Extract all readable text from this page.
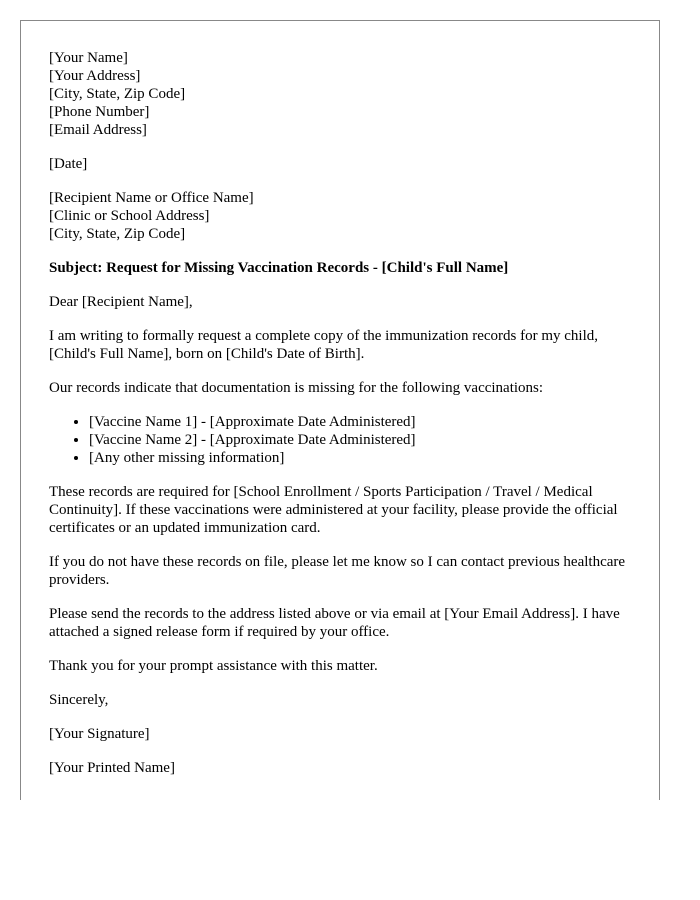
[Your Name]
[Your Address]
[City, State, Zip Code]
[Phone Number]
[Email Address]
[Date]
[Recipient Name or Office Name]
[Clinic or School Address]
[City, State, Zip Code]
Subject: Request for Missing Vaccination Records - [Child's Full Name]
Dear [Recipient Name],
I am writing to formally request a complete copy of the immunization records for my child, [Child's Full Name], born on [Child's Date of Birth].
Our records indicate that documentation is missing for the following vaccinations:
• [Vaccine Name 1] - [Approximate Date Administered]
• [Vaccine Name 2] - [Approximate Date Administered]
• [Any other missing information]
These records are required for [School Enrollment / Sports Participation / Travel / Medical Continuity]. If these vaccinations were administered at your facility, please provide the official certificates or an updated immunization card.
If you do not have these records on file, please let me know so I can contact previous healthcare providers.
Please send the records to the address listed above or via email at [Your Email Address]. I have attached a signed release form if required by your office.
Thank you for your prompt assistance with this matter.
Sincerely,
[Your Signature]
[Your Printed Name]
